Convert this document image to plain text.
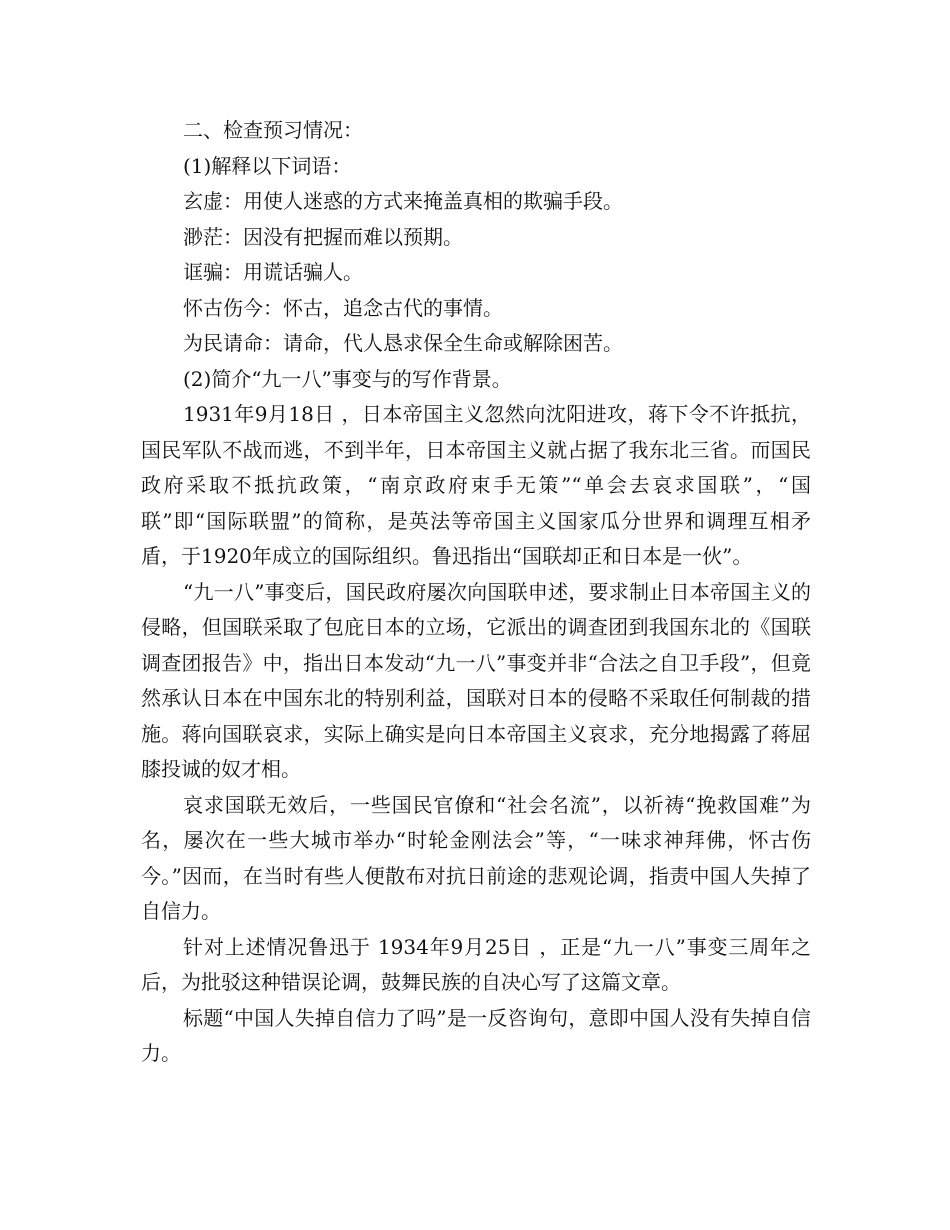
二、检查预习情况：

(1)解释以下词语：

玄虚：用使人迷惑的方式来掩盖真相的欺骗手段。

渺茫：因没有把握而难以预期。

诓骗：用谎话骗人。

怀古伤今：怀古，追念古代的事情。

为民请命：请命，代人恳求保全生命或解除困苦。

(2)简介“九一八”事变与的写作背景。

1931年9月18日 ，日本帝国主义忽然向沈阳进攻，蒋下令不许抵抗，国民军队不战而逃，不到半年，日本帝国主义就占据了我东北三省。而国民政府采取不抵抗政策，“南京政府束手无策”“单会去哀求国联”，“国联”即“国际联盟”的简称，是英法等帝国主义国家瓜分世界和调理互相矛盾，于1920年成立的国际组织。鲁迅指出“国联却正和日本是一伙”。

“九一八”事变后，国民政府屡次向国联申述，要求制止日本帝国主义的侵略，但国联采取了包庇日本的立场，它派出的调查团到我国东北的《国联调查团报告》中，指出日本发动“九一八”事变并非“合法之自卫手段”，但竟然承认日本在中国东北的特别利益，国联对日本的侵略不采取任何制裁的措施。蒋向国联哀求，实际上确实是向日本帝国主义哀求，充分地揭露了蒋屈膝投诚的奴才相。

哀求国联无效后，一些国民官僚和“社会名流”，以祈祷“挽救国难”为名，屡次在一些大城市举办“时轮金刚法会”等，“一味求神拜佛，怀古伤今。”因而，在当时有些人便散布对抗日前途的悲观论调，指责中国人失掉了自信力。

针对上述情况鲁迅于 1934年9月25日 ，正是“九一八”事变三周年之后，为批驳这种错误论调，鼓舞民族的自决心写了这篇文章。

标题“中国人失掉自信力了吗”是一反咨询句，意即中国人没有失掉自信力。
